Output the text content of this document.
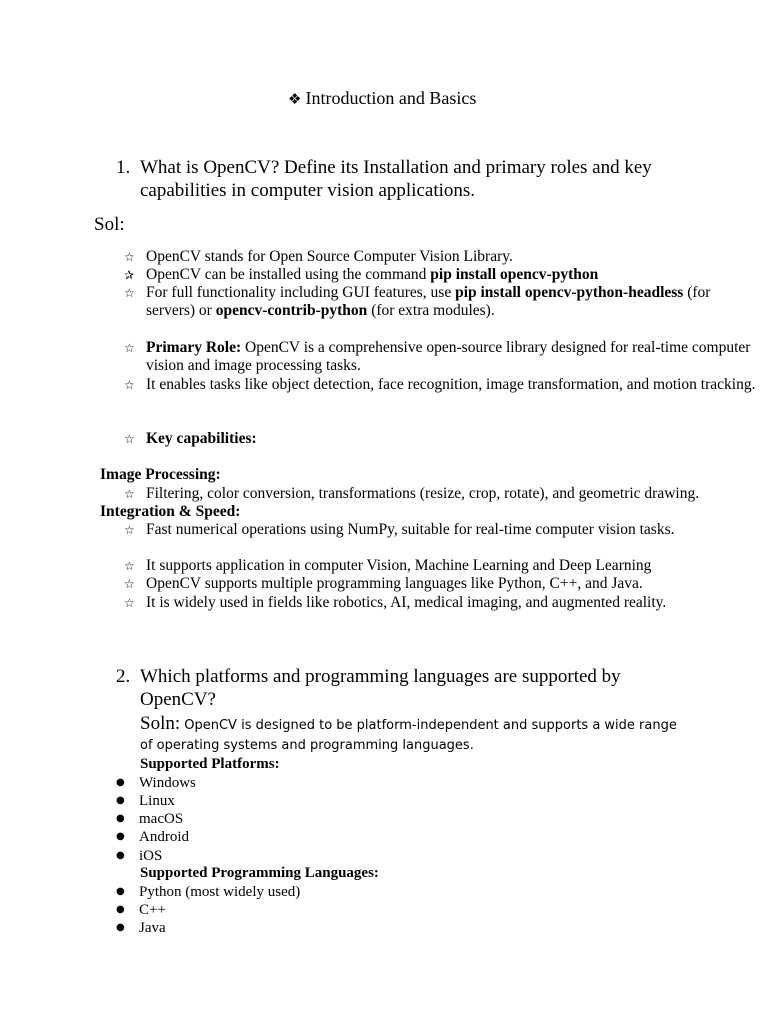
❖ Introduction and Basics
1. What is OpenCV? Define its Installation and primary roles and key capabilities in computer vision applications.
Sol:
☆ OpenCV stands for Open Source Computer Vision Library.
✰ OpenCV can be installed using the command pip install opencv-python
☆ For full functionality including GUI features, use pip install opencv-python-headless (for servers) or opencv-contrib-python (for extra modules).
☆ Primary Role: OpenCV is a comprehensive open-source library designed for real-time computer vision and image processing tasks.
☆ It enables tasks like object detection, face recognition, image transformation, and motion tracking.
☆ Key capabilities:
Image Processing:
☆ Filtering, color conversion, transformations (resize, crop, rotate), and geometric drawing.
Integration & Speed:
☆ Fast numerical operations using NumPy, suitable for real-time computer vision tasks.
☆ It supports application in computer Vision, Machine Learning and Deep Learning
☆ OpenCV supports multiple programming languages like Python, C++, and Java.
☆ It is widely used in fields like robotics, AI, medical imaging, and augmented reality.
2. Which platforms and programming languages are supported by OpenCV?
Soln: OpenCV is designed to be platform-independent and supports a wide range
of operating systems and programming languages.
Supported Platforms:
● Windows
● Linux
● macOS
● Android
● iOS
Supported Programming Languages:
● Python (most widely used)
● C++
● Java
